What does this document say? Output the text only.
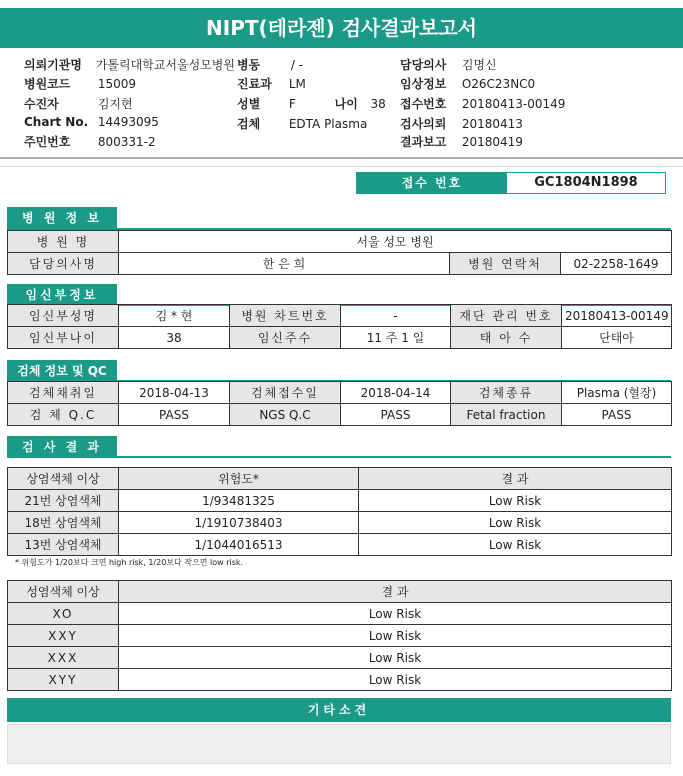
NIPT(테라젠) 검사결과보고서
의뢰기관명 가톨릭대학교서울성모병원 병동	/ -	담당의사 김명신
병원코드 15009	진료과 LM	임상정보 O26C23NC0
수진자	김지현	성별 F	나이 38 접수번호 20180413-00149
Chart No. 14493095	검체 EDTA Plasma	검사의뢰 20180413
주민번호 800331-2	결과보고 20180419
접수 번호	GC1804N1898
병 원 정 보
병 원 명	서울 성모 병원		
담당의사명	한 은 희	병원 연락처	02-2258-1649
임신부정보
임신부성명	김 * 현	병원 차트번호	-	재단 관리 번호	20180413-00149
임신부나이	38	임신주수	11 주 1 일	태 아 수	단태아
검체 정보 및 QC
검체채취일	2018-04-13	검체접수일	2018-04-14	검체종류	Plasma (혈장)
검 체 Q.C	PASS	NGS Q.C	PASS	Fetal fraction	PASS
검 사 결 과
상염색체 이상	위험도*	결 과
21번 상염색체	1/93481325	Low Risk
18번 상염색체	1/1910738403	Low Risk
13번 상염색체	1/1044016513	Low Risk
* 위험도가 1/20보다 크면 high risk, 1/20보다 작으면 low risk.
성염색체 이상	결 과
XO	Low Risk
XXY	Low Risk
XXX	Low Risk
XYY	Low Risk
기타소견
